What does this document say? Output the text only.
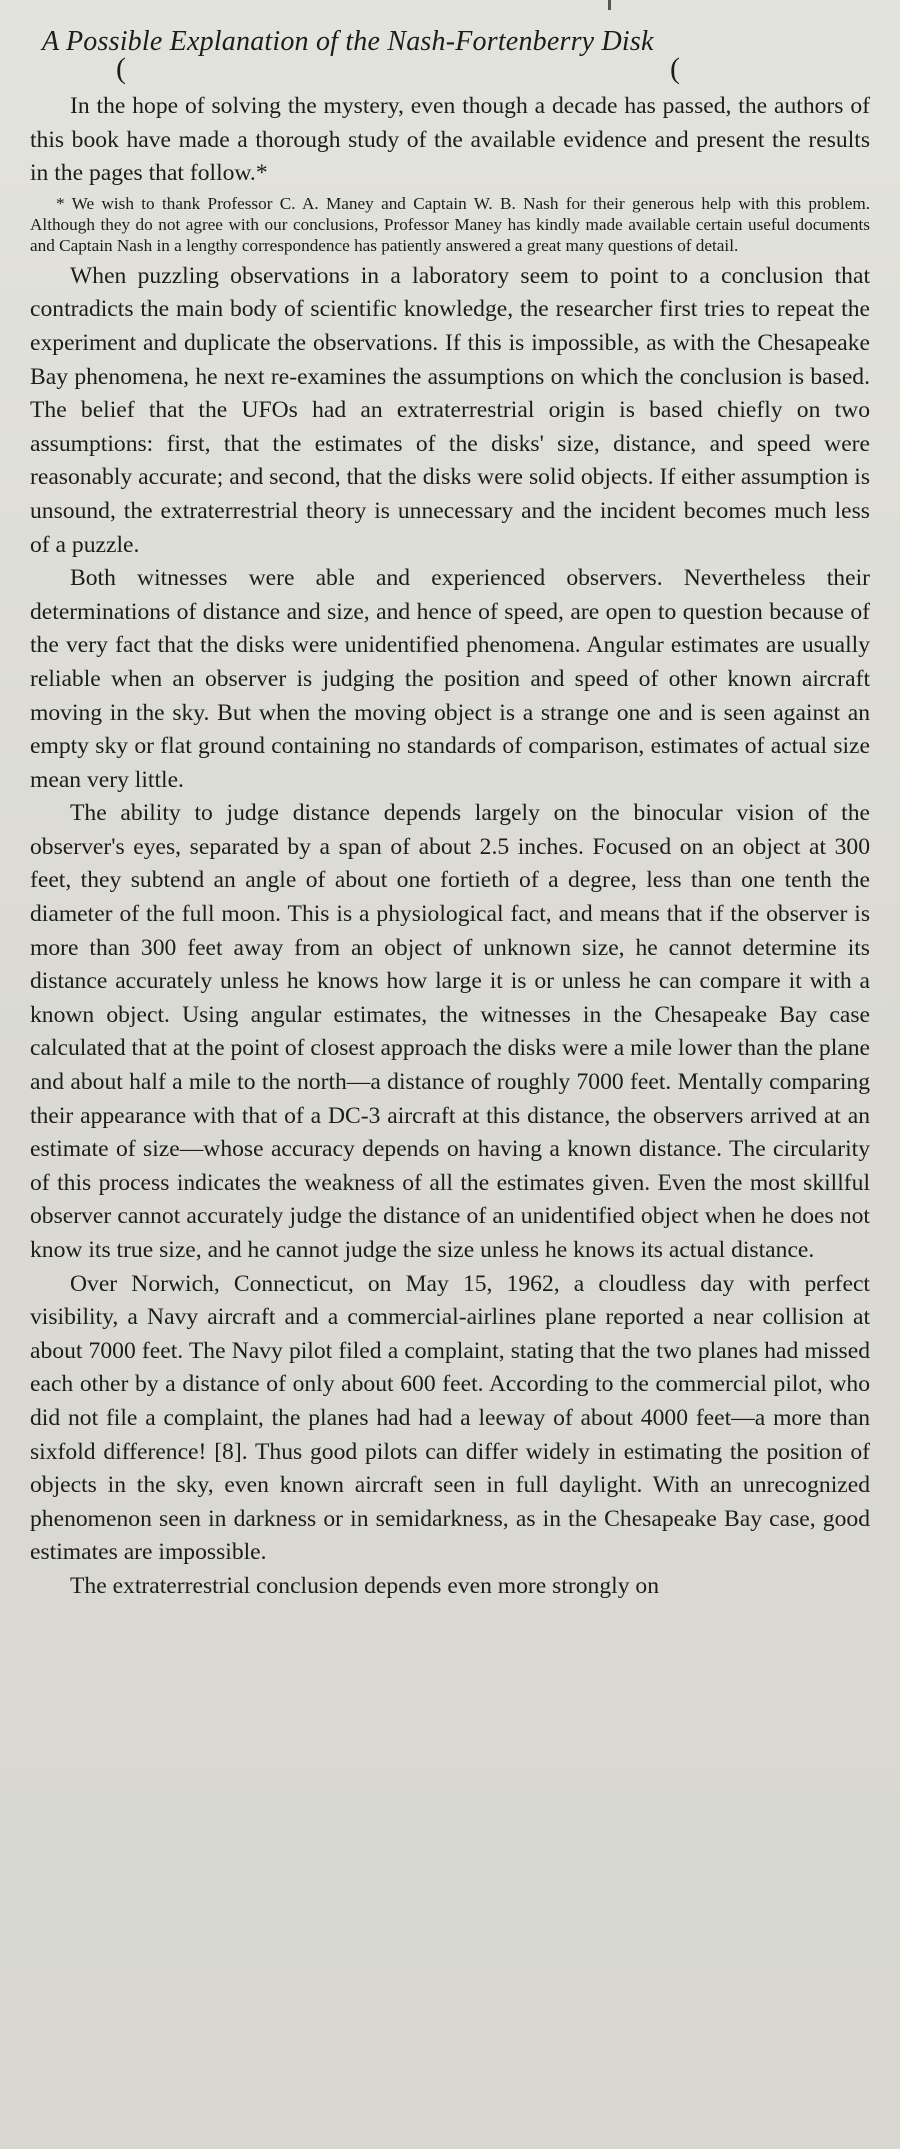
A Possible Explanation of the Nash-Fortenberry Disk
(	(

In the hope of solving the mystery, even though a decade has passed, the authors of this book have made a thorough study of the available evidence and present the results in the pages that follow.*

* We wish to thank Professor C. A. Maney and Captain W. B. Nash for their generous help with this problem. Although they do not agree with our conclusions, Professor Maney has kindly made available certain useful documents and Captain Nash in a lengthy correspondence has patiently answered a great many questions of detail.

When puzzling observations in a laboratory seem to point to a conclusion that contradicts the main body of scientific knowledge, the researcher first tries to repeat the experiment and duplicate the observations. If this is impossible, as with the Chesapeake Bay phenomena, he next re-examines the assumptions on which the conclusion is based. The belief that the UFOs had an extraterrestrial origin is based chiefly on two assumptions: first, that the estimates of the disks' size, distance, and speed were reasonably accurate; and second, that the disks were solid objects. If either assumption is unsound, the extraterrestrial theory is unnecessary and the incident becomes much less of a puzzle.

Both witnesses were able and experienced observers. Nevertheless their determinations of distance and size, and hence of speed, are open to question because of the very fact that the disks were unidentified phenomena. Angular estimates are usually reliable when an observer is judging the position and speed of other known aircraft moving in the sky. But when the moving object is a strange one and is seen against an empty sky or flat ground containing no standards of comparison, estimates of actual size mean very little.

The ability to judge distance depends largely on the binocular vision of the observer's eyes, separated by a span of about 2.5 inches. Focused on an object at 300 feet, they subtend an angle of about one fortieth of a degree, less than one tenth the diameter of the full moon. This is a physiological fact, and means that if the observer is more than 300 feet away from an object of unknown size, he cannot determine its distance accurately unless he knows how large it is or unless he can compare it with a known object. Using angular estimates, the witnesses in the Chesapeake Bay case calculated that at the point of closest approach the disks were a mile lower than the plane and about half a mile to the north—a distance of roughly 7000 feet. Mentally comparing their appearance with that of a DC-3 aircraft at this distance, the observers arrived at an estimate of size—whose accuracy depends on having a known distance. The circularity of this process indicates the weakness of all the estimates given. Even the most skillful observer cannot accurately judge the distance of an unidentified object when he does not know its true size, and he cannot judge the size unless he knows its actual distance.

Over Norwich, Connecticut, on May 15, 1962, a cloudless day with perfect visibility, a Navy aircraft and a commercial-airlines plane reported a near collision at about 7000 feet. The Navy pilot filed a complaint, stating that the two planes had missed each other by a distance of only about 600 feet. According to the commercial pilot, who did not file a complaint, the planes had had a leeway of about 4000 feet—a more than sixfold difference! [8]. Thus good pilots can differ widely in estimating the position of objects in the sky, even known aircraft seen in full daylight. With an unrecognized phenomenon seen in darkness or in semidarkness, as in the Chesapeake Bay case, good estimates are impossible.

The extraterrestrial conclusion depends even more strongly on
